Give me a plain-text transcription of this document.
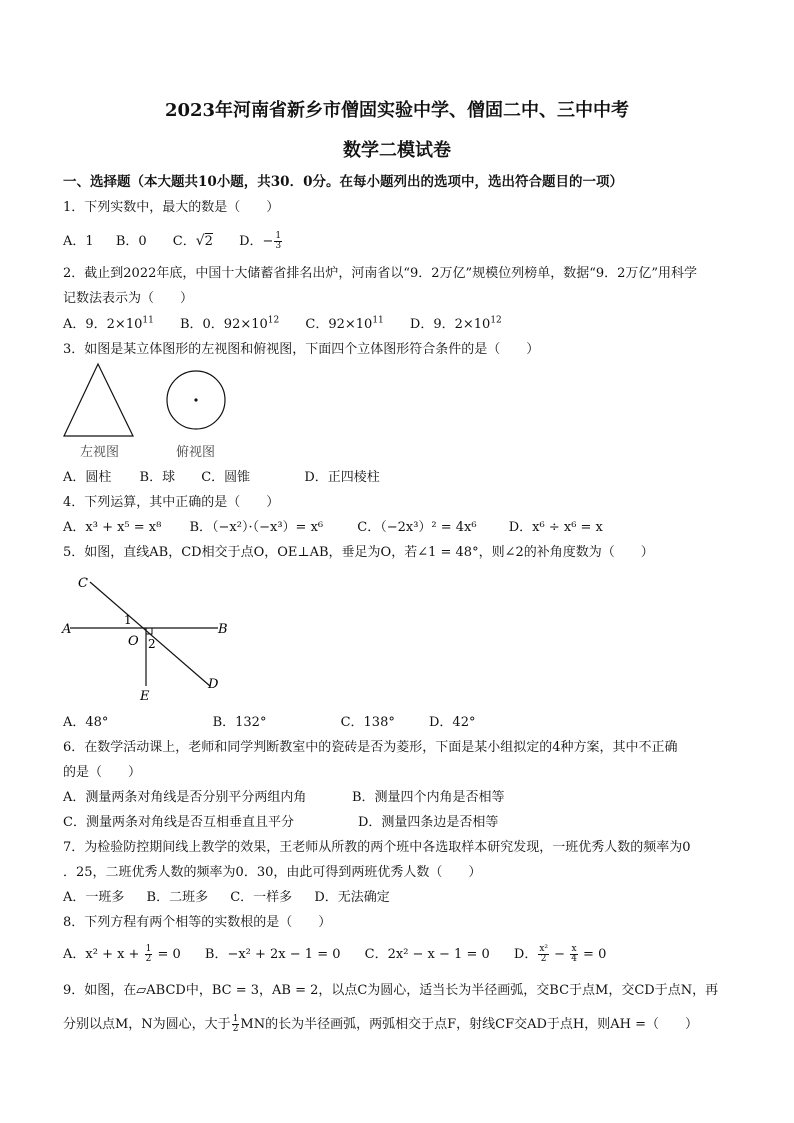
2023年河南省新乡市僧固实验中学、僧固二中、三中中考
数学二模试卷
一、选择题（本大题共10小题，共30．0分。在每小题列出的选项中，选出符合题目的一项）
1．下列实数中，最大的数是（　　）
A．1 B．0 C．√2 D．− $\frac{1}{3}$
2．截止到2022年底，中国十大储蓄省排名出炉，河南省以“9．2万亿”规模位列榜单，数据“9．2万亿”用科学
记数法表示为（　　）
A．9．$2\times 10^{11}$ B．0．$92\times 10^{12}$ C．$92\times 10^{11}$ D．9．$2\times 10^{12}$
3．如图是某立体图形的左视图和俯视图，下面四个立体图形符合条件的是（　　）
左视图	俯视图
A．圆柱 B．球 C．圆锥	D．正四棱柱
4．下列运算，其中正确的是（　　）
A．x³ + x⁵ = x⁸ B．（−x²）·（−x³）= x⁶	C．（−2x³）² = 4x⁶ D．x⁶ ÷ x⁶ = x
5．如图，直线AB，CD相交于点O，OE⊥AB，垂足为O，若∠1 = 48°，则∠2的补角度数为（　　）
C
A	B
1
O 2
E
D
A．48°	B．132°	C．138°	D．42°
6．在数学活动课上，老师和同学判断教室中的瓷砖是否为菱形，下面是某小组拟定的4种方案，其中不正确
的是（　　）
A．测量两条对角线是否分别平分两组内角	B．测量四个内角是否相等
C．测量两条对角线是否互相垂直且平分	D．测量四条边是否相等
7．为检验防控期间线上教学的效果，王老师从所教的两个班中各选取样本研究发现，一班优秀人数的频率为0
．25，二班优秀人数的频率为0．30，由此可得到两班优秀人数（　　）
A．一班多 B．二班多 C．一样多 D．无法确定
8．下列方程有两个相等的实数根的是（　　）
A．$x^2 + x + \frac{1}{2} = 0$ B．−x² + 2x − 1 = 0 C．2x² − x − 1 = 0 D． $\frac{\text{x²}}{2} - \frac{x}{4} = 0$
9．如图，在▱ABCD中，BC = 3，AB = 2，以点C为圆心，适当长为半径画弧，交BC于点M，交CD于点N，再
分别以点M，N为圆心，大于 $\frac{1}{2}$ MN的长为半径画弧，两弧相交于点F，射线CF交AD于点H，则AH =（　　）
